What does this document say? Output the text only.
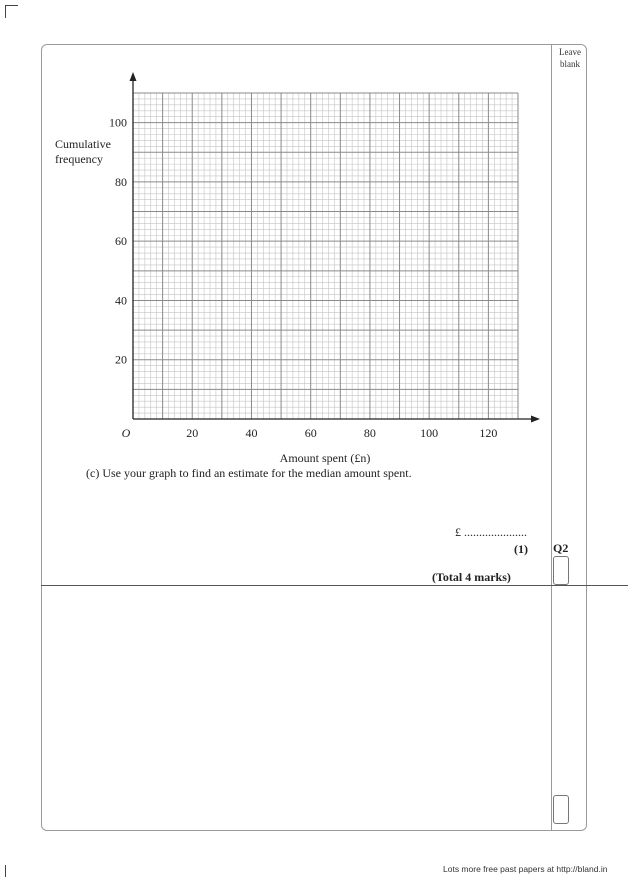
Leave blank
20	40	60	80	100	120
20
40
60
80
100
O
Amount spent (£n)
Cumulative frequency
(c) Use your graph to find an estimate for the median amount spent.
£ .....................
(1)
(Total 4 marks)
Q2
Lots more free past papers at http://bland.in
